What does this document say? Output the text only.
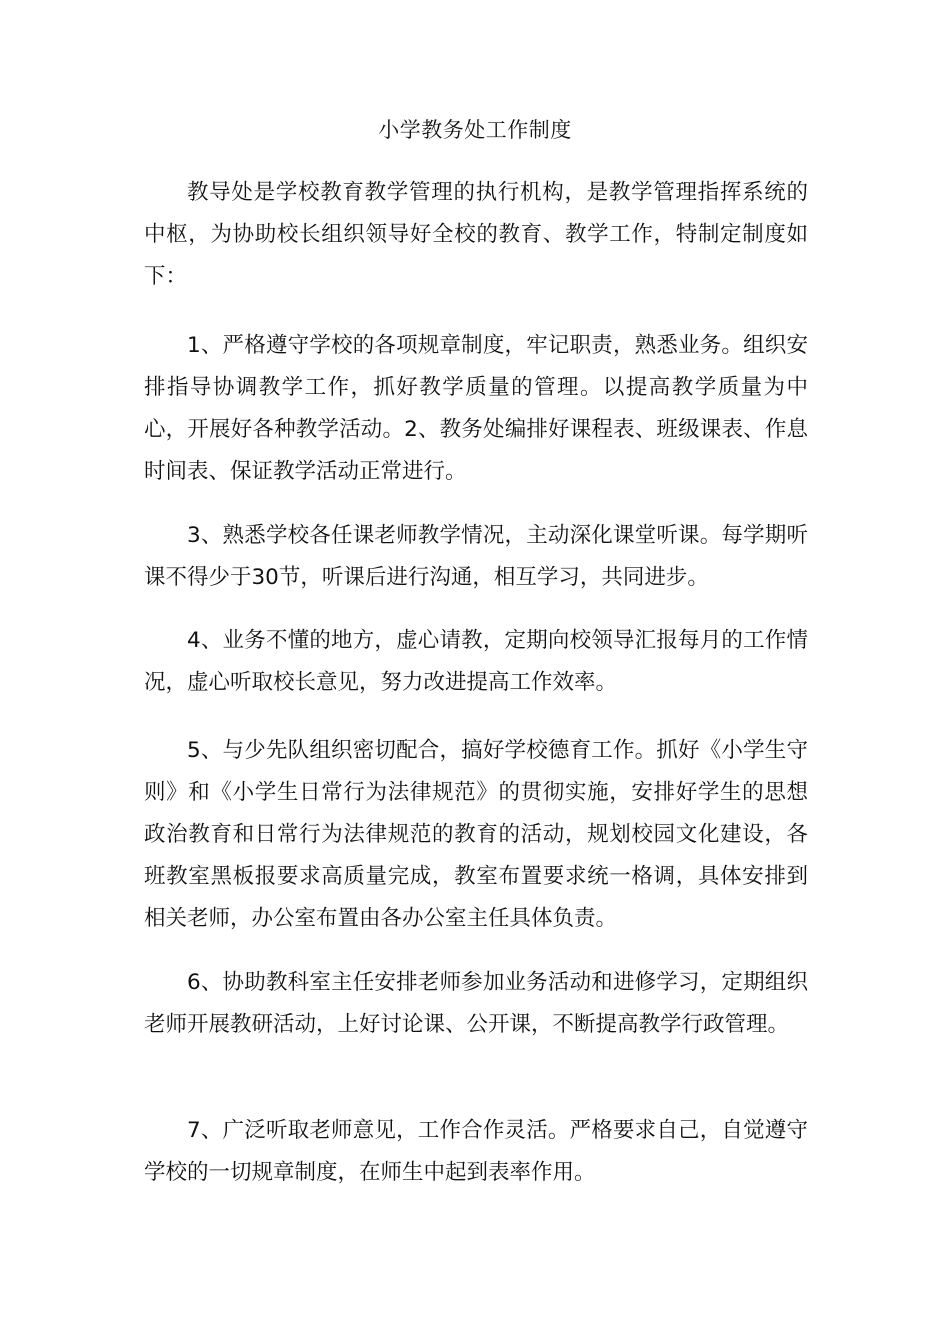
小学教务处工作制度

教导处是学校教育教学管理的执行机构，是教学管理指挥系统的中枢，为协助校长组织领导好全校的教育、教学工作，特制定制度如下：

1、严格遵守学校的各项规章制度，牢记职责，熟悉业务。组织安排指导协调教学工作，抓好教学质量的管理。以提高教学质量为中心，开展好各种教学活动。2、教务处编排好课程表、班级课表、作息时间表、保证教学活动正常进行。

3、熟悉学校各任课老师教学情况，主动深化课堂听课。每学期听课不得少于30节，听课后进行沟通，相互学习，共同进步。

4、业务不懂的地方，虚心请教，定期向校领导汇报每月的工作情况，虚心听取校长意见，努力改进提高工作效率。

5、与少先队组织密切配合，搞好学校德育工作。抓好《小学生守则》和《小学生日常行为法律规范》的贯彻实施，安排好学生的思想政治教育和日常行为法律规范的教育的活动，规划校园文化建设，各班教室黑板报要求高质量完成，教室布置要求统一格调，具体安排到相关老师，办公室布置由各办公室主任具体负责。

6、协助教科室主任安排老师参加业务活动和进修学习，定期组织老师开展教研活动，上好讨论课、公开课，不断提高教学行政管理。

7、广泛听取老师意见，工作合作灵活。严格要求自己，自觉遵守学校的一切规章制度，在师生中起到表率作用。
